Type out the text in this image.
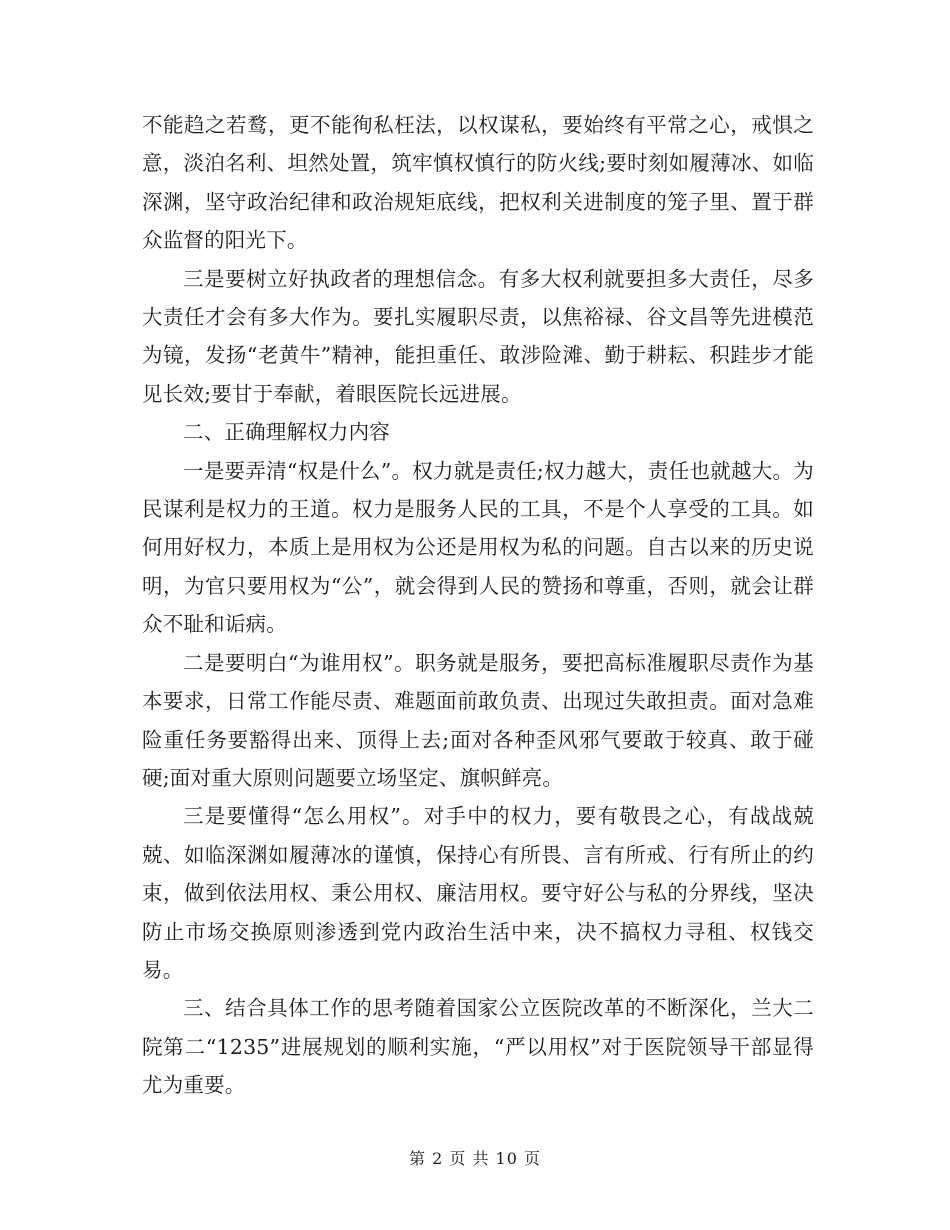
不能趋之若鹜，更不能徇私枉法，以权谋私，要始终有平常之心，戒惧之意，淡泊名利、坦然处置，筑牢慎权慎行的防火线;要时刻如履薄冰、如临深渊，坚守政治纪律和政治规矩底线，把权利关进制度的笼子里、置于群众监督的阳光下。

三是要树立好执政者的理想信念。有多大权利就要担多大责任，尽多大责任才会有多大作为。要扎实履职尽责，以焦裕禄、谷文昌等先进模范为镜，发扬“老黄牛”精神，能担重任、敢涉险滩、勤于耕耘、积跬步才能见长效;要甘于奉献，着眼医院长远进展。

二、正确理解权力内容

一是要弄清“权是什么”。权力就是责任;权力越大，责任也就越大。为民谋利是权力的王道。权力是服务人民的工具，不是个人享受的工具。如何用好权力，本质上是用权为公还是用权为私的问题。自古以来的历史说明，为官只要用权为“公”，就会得到人民的赞扬和尊重，否则，就会让群众不耻和诟病。

二是要明白“为谁用权”。职务就是服务，要把高标准履职尽责作为基本要求，日常工作能尽责、难题面前敢负责、出现过失敢担责。面对急难险重任务要豁得出来、顶得上去;面对各种歪风邪气要敢于较真、敢于碰硬;面对重大原则问题要立场坚定、旗帜鲜亮。

三是要懂得“怎么用权”。对手中的权力，要有敬畏之心，有战战兢兢、如临深渊如履薄冰的谨慎，保持心有所畏、言有所戒、行有所止的约束，做到依法用权、秉公用权、廉洁用权。要守好公与私的分界线，坚决防止市场交换原则渗透到党内政治生活中来，决不搞权力寻租、权钱交易。

三、结合具体工作的思考随着国家公立医院改革的不断深化，兰大二院第二“1235”进展规划的顺利实施，“严以用权”对于医院领导干部显得尤为重要。

第 2 页 共 10 页
